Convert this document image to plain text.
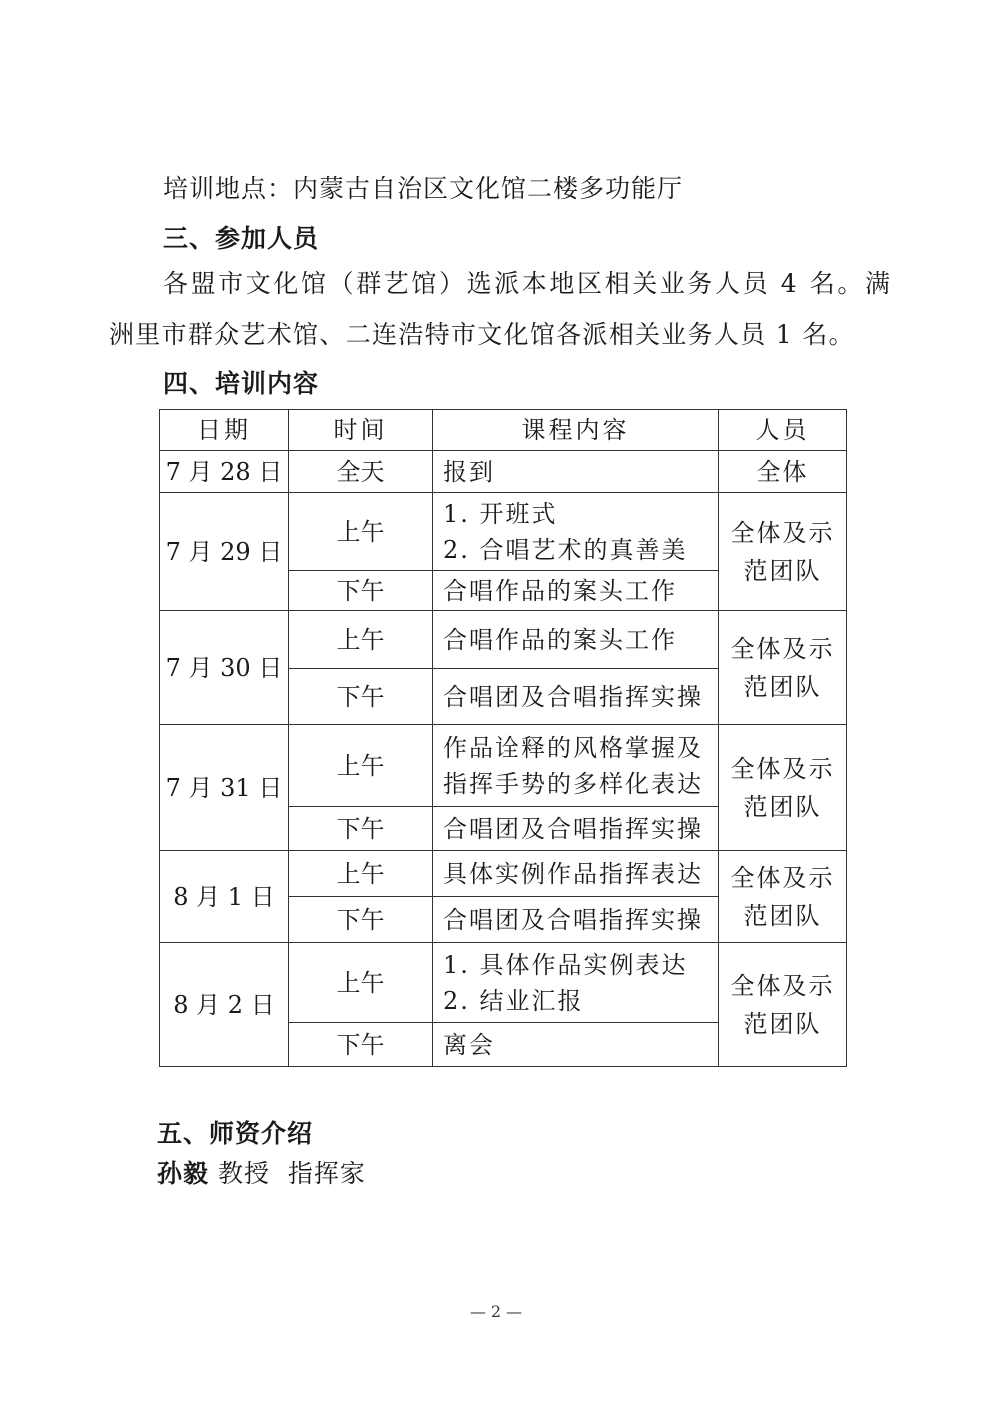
培训地点：内蒙古自治区文化馆二楼多功能厅
三、参加人员
各盟市文化馆（群艺馆）选派本地区相关业务人员 4 名。满
洲里市群众艺术馆、二连浩特市文化馆各派相关业务人员 1 名。
四、培训内容
日期	时间	课程内容	人员
7 月 28 日	全天	报到	全体
7 月 29 日	上午	1. 开班式
2. 合唱艺术的真善美	全体及示范团队
	下午	合唱作品的案头工作	

7 月 30 日	上午	合唱作品的案头工作	全体及示范团队
	下午	合唱团及合唱指挥实操	

7 月 31 日	上午	作品诠释的风格掌握及
指挥手势的多样化表达	全体及示范团队
	下午	合唱团及合唱指挥实操	

8 月 1 日	上午	具体实例作品指挥表达	全体及示范团队
	下午	合唱团及合唱指挥实操	

8 月 2 日	上午	1. 具体作品实例表达
2. 结业汇报	全体及示范团队
	下午	离会	
五、师资介绍
孙毅 教授  指挥家
— 2 —
